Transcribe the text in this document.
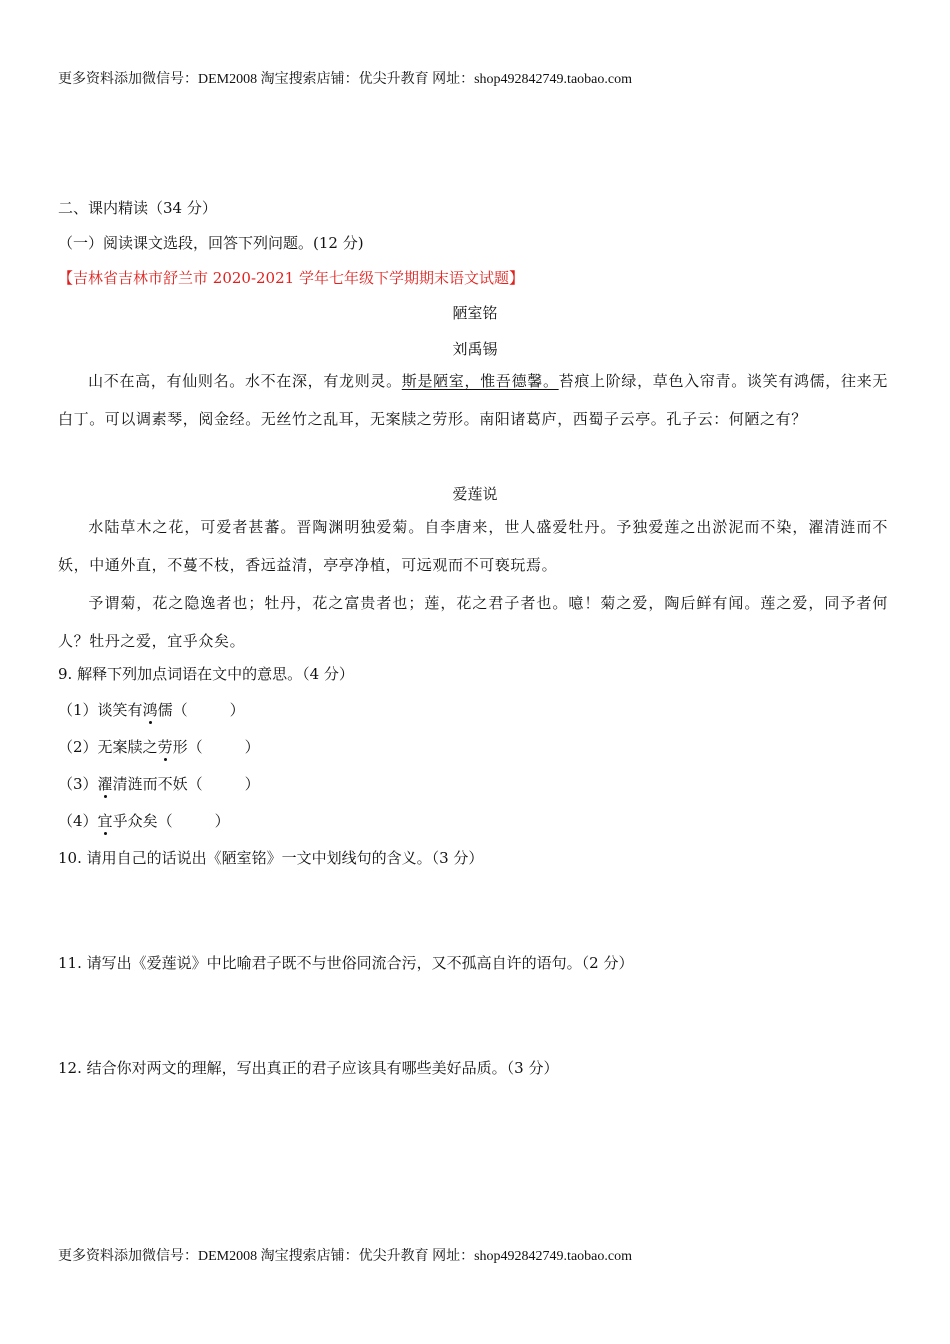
更多资料添加微信号：DEM2008 淘宝搜索店铺：优尖升教育 网址：shop492842749.taobao.com
二、课内精读（34 分）
（一）阅读课文选段，回答下列问题。(12 分)
【吉林省吉林市舒兰市 2020-2021 学年七年级下学期期末语文试题】
陋室铭
刘禹锡
山不在高，有仙则名。水不在深，有龙则灵。斯是陋室，惟吾德馨。苔痕上阶绿，草色入帘青。谈笑有鸿儒，往来无白丁。可以调素琴，阅金经。无丝竹之乱耳，无案牍之劳形。南阳诸葛庐，西蜀子云亭。孔子云：何陋之有？
爱莲说
水陆草木之花，可爱者甚蕃。晋陶渊明独爱菊。自李唐来，世人盛爱牡丹。予独爱莲之出淤泥而不染，濯清涟而不妖，中通外直，不蔓不枝，香远益清，亭亭净植，可远观而不可亵玩焉。
予谓菊，花之隐逸者也；牡丹，花之富贵者也；莲，花之君子者也。噫！菊之爱，陶后鲜有闻。莲之爱，同予者何人？牡丹之爱，宜乎众矣。
9. 解释下列加点词语在文中的意思。（4 分）
（1）谈笑有鸿儒（	）
（2）无案牍之劳形（	）
（3）濯清涟而不妖（	）
（4）宜乎众矣（	）
10. 请用自己的话说出《陋室铭》一文中划线句的含义。（3 分）
11. 请写出《爱莲说》中比喻君子既不与世俗同流合污，又不孤高自许的语句。（2 分）
12. 结合你对两文的理解，写出真正的君子应该具有哪些美好品质。（3 分）
更多资料添加微信号：DEM2008 淘宝搜索店铺：优尖升教育 网址：shop492842749.taobao.com
